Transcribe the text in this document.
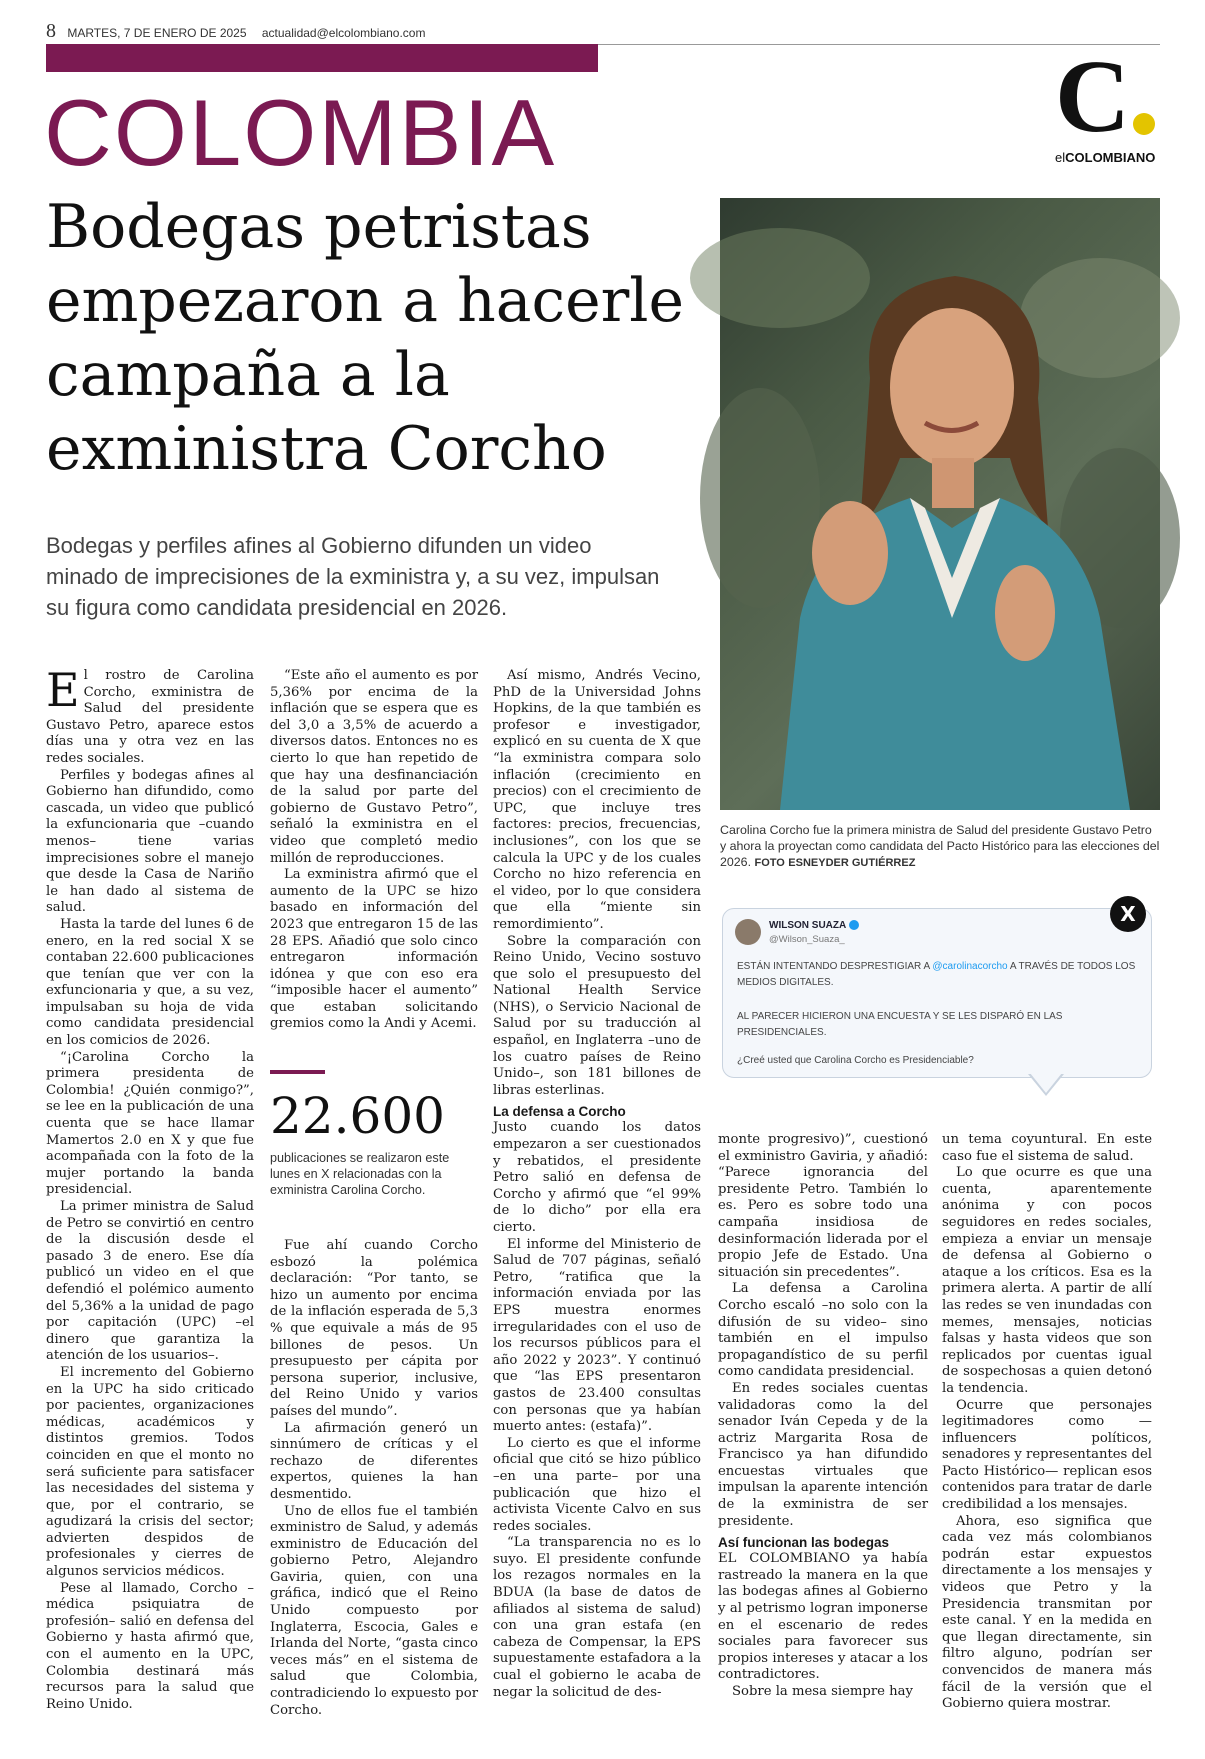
8 MARTES, 7 DE ENERO DE 2025 actualidad@elcolombiano.com
COLOMBIA	C
elCOLOMBIANO
Bodegas petristas
empezaron a hacerle
campaña a la
exministra Corcho
Bodegas y perfiles afines al Gobierno difunden un video
minado de imprecisiones de la exministra y, a su vez, impulsan
su figura como candidata presidencial en 2026.
Carolina Corcho fue la primera ministra de Salud del presidente Gustavo Petro y ahora la proyectan como candidata del Pacto Histórico para las elecciones del 2026. FOTO ESNEYDER GUTIÉRREZ
WILSON SUAZA
@Wilson_Suaza_
ESTÁN INTENTANDO DESPRESTIGIAR A @carolinacorcho A TRAVÉS DE TODOS LOS MEDIOS DIGITALES.
AL PARECER HICIERON UNA ENCUESTA Y SE LES DISPARÓ EN LAS PRESIDENCIALES.
¿Creé usted que Carolina Corcho es Presidenciable?
X

El rostro de Carolina Corcho, exministra de Salud del presidente Gustavo Petro, aparece estos días una y otra vez en las redes sociales.

Perfiles y bodegas afines al Gobierno han difundido, como cascada, un video que publicó la exfuncionaria que –cuando menos– tiene varias imprecisiones sobre el manejo que desde la Casa de Nariño le han dado al sistema de salud.

Hasta la tarde del lunes 6 de enero, en la red social X se contaban 22.600 publicaciones que tenían que ver con la exfuncionaria y que, a su vez, impulsaban su hoja de vida como candidata presidencial en los comicios de 2026.

“¡Carolina Corcho la primera presidenta de Colombia! ¿Quién conmigo?”, se lee en la publicación de una cuenta que se hace llamar Mamertos 2.0 en X y que fue acompañada con la foto de la mujer portando la banda presidencial.

La primer ministra de Salud de Petro se convirtió en centro de la discusión desde el pasado 3 de enero. Ese día publicó un video en el que defendió el polémico aumento del 5,36% a la unidad de pago por capitación (UPC) –el dinero que garantiza la atención de los usuarios–.

El incremento del Gobierno en la UPC ha sido criticado por pacientes, organizaciones médicas, académicos y distintos gremios. Todos coinciden en que el monto no será suficiente para satisfacer las necesidades del sistema y que, por el contrario, se agudizará la crisis del sector; advierten despidos de profesionales y cierres de algunos servicios médicos.

Pese al llamado, Corcho –médica psiquiatra de profesión– salió en defensa del Gobierno y hasta afirmó que, con el aumento en la UPC, Colombia destinará más recursos para la salud que Reino Unido.

“Este año el aumento es por 5,36% por encima de la inflación que se espera que es del 3,0 a 3,5% de acuerdo a diversos datos. Entonces no es cierto lo que han repetido de que hay una desfinanciación de la salud por parte del gobierno de Gustavo Petro”, señaló la exministra en el video que completó medio millón de reproducciones.

La exministra afirmó que el aumento de la UPC se hizo basado en información del 2023 que entregaron 15 de las 28 EPS. Añadió que solo cinco entregaron información idónea y que con eso era “imposible hacer el aumento” que estaban solicitando gremios como la Andi y Acemi.

22.600
publicaciones se realizaron este lunes en X relacionadas con la exministra Carolina Corcho.

Fue ahí cuando Corcho esbozó la polémica declaración: “Por tanto, se hizo un aumento por encima de la inflación esperada de 5,3 % que equivale a más de 95 billones de pesos. Un presupuesto per cápita por persona superior, inclusive, del Reino Unido y varios países del mundo”.

La afirmación generó un sinnúmero de críticas y el rechazo de diferentes expertos, quienes la han desmentido.

Uno de ellos fue el también exministro de Salud, y además exministro de Educación del gobierno Petro, Alejandro Gaviria, quien, con una gráfica, indicó que el Reino Unido compuesto por Inglaterra, Escocia, Gales e Irlanda del Norte, “gasta cinco veces más” en el sistema de salud que Colombia, contradiciendo lo expuesto por Corcho.

Así mismo, Andrés Vecino, PhD de la Universidad Johns Hopkins, de la que también es profesor e investigador, explicó en su cuenta de X que “la exministra compara solo inflación (crecimiento en precios) con el crecimiento de UPC, que incluye tres factores: precios, frecuencias, inclusiones”, con los que se calcula la UPC y de los cuales Corcho no hizo referencia en el video, por lo que considera que ella “miente sin remordimiento”.

Sobre la comparación con Reino Unido, Vecino sostuvo que solo el presupuesto del National Health Service (NHS), o Servicio Nacional de Salud por su traducción al español, en Inglaterra –uno de los cuatro países de Reino Unido–, son 181 billones de libras esterlinas.

La defensa a Corcho

Justo cuando los datos empezaron a ser cuestionados y rebatidos, el presidente Petro salió en defensa de Corcho y afirmó que “el 99% de lo dicho” por ella era cierto.

El informe del Ministerio de Salud de 707 páginas, señaló Petro, “ratifica que la información enviada por las EPS muestra enormes irregularidades con el uso de los recursos públicos para el año 2022 y 2023”. Y continuó que “las EPS presentaron gastos de 23.400 consultas con personas que ya habían muerto antes: (estafa)”.

Lo cierto es que el informe oficial que citó se hizo público –en una parte– por una publicación que hizo el activista Vicente Calvo en sus redes sociales.

“La transparencia no es lo suyo. El presidente confunde los rezagos normales en la BDUA (la base de datos de afiliados al sistema de salud) con una gran estafa (en cabeza de Compensar, la EPS supuestamente estafadora a la cual el gobierno le acaba de negar la solicitud de des-

monte progresivo)”, cuestionó el exministro Gaviria, y añadió: “Parece ignorancia del presidente Petro. También lo es. Pero es sobre todo una campaña insidiosa de desinformación liderada por el propio Jefe de Estado. Una situación sin precedentes”.

La defensa a Carolina Corcho escaló –no solo con la difusión de su video– sino también en el impulso propagandístico de su perfil como candidata presidencial.

En redes sociales cuentas validadoras como la del senador Iván Cepeda y de la actriz Margarita Rosa de Francisco ya han difundido encuestas virtuales que impulsan la aparente intención de la exministra de ser presidente.

Así funcionan las bodegas

EL COLOMBIANO ya había rastreado la manera en la que las bodegas afines al Gobierno y al petrismo logran imponerse en el escenario de redes sociales para favorecer sus propios intereses y atacar a los contradictores.

Sobre la mesa siempre hay

un tema coyuntural. En este caso fue el sistema de salud.

Lo que ocurre es que una cuenta, aparentemente anónima y con pocos seguidores en redes sociales, empieza a enviar un mensaje de defensa al Gobierno o ataque a los críticos. Esa es la primera alerta. A partir de allí las redes se ven inundadas con memes, mensajes, noticias falsas y hasta videos que son replicados por cuentas igual de sospechosas a quien detonó la tendencia.

Ocurre que personajes legitimadores como —influencers políticos, senadores y representantes del Pacto Histórico— replican esos contenidos para tratar de darle credibilidad a los mensajes.

Ahora, eso significa que cada vez más colombianos podrán estar expuestos directamente a los mensajes y videos que Petro y la Presidencia transmitan por este canal. Y en la medida en que llegan directamente, sin filtro alguno, podrían ser convencidos de manera más fácil de la versión que el Gobierno quiera mostrar.
